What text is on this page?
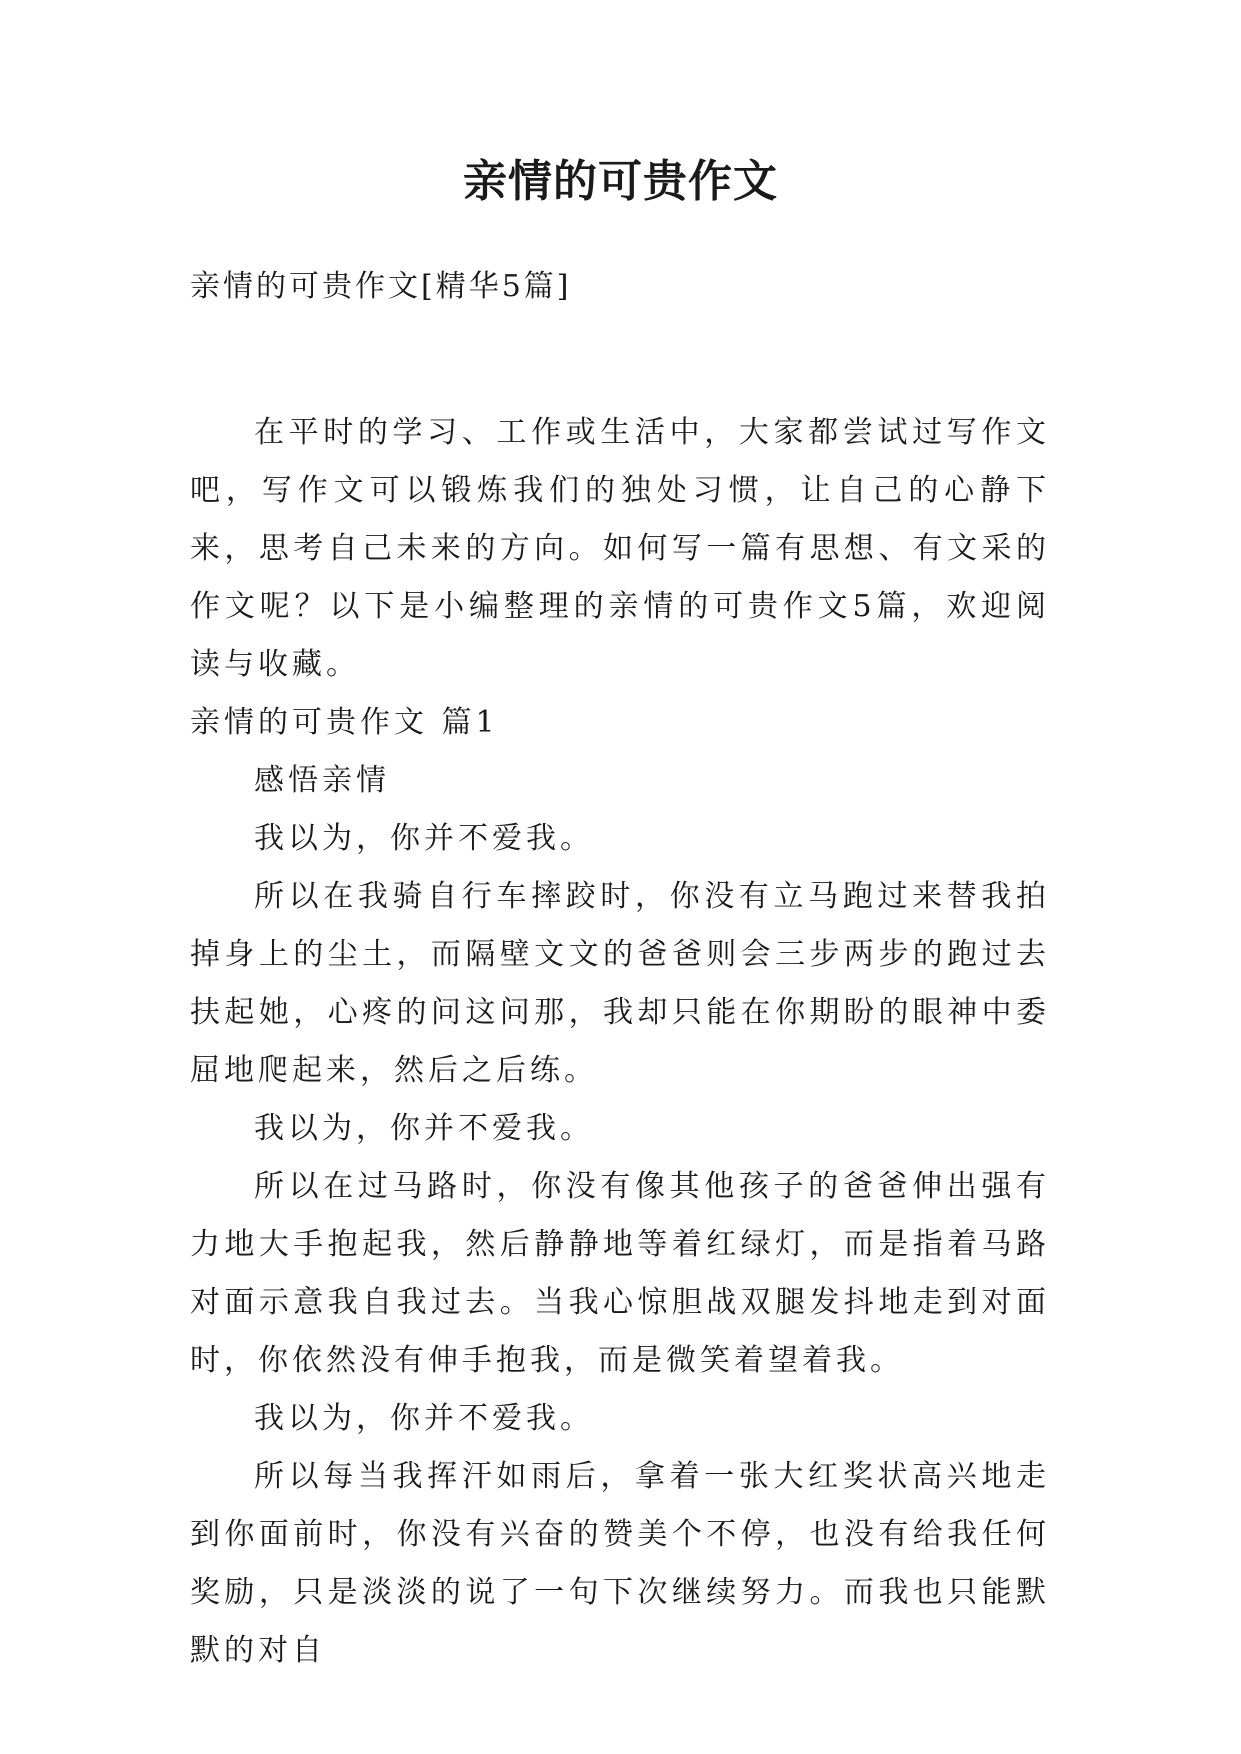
亲情的可贵作文

亲情的可贵作文[精华5篇]

在平时的学习、工作或生活中，大家都尝试过写作文吧，写作文可以锻炼我们的独处习惯，让自己的心静下来，思考自己未来的方向。如何写一篇有思想、有文采的作文呢？以下是小编整理的亲情的可贵作文5篇，欢迎阅读与收藏。

亲情的可贵作文 篇1

感悟亲情

我以为，你并不爱我。

所以在我骑自行车摔跤时，你没有立马跑过来替我拍掉身上的尘土，而隔壁文文的爸爸则会三步两步的跑过去扶起她，心疼的问这问那，我却只能在你期盼的眼神中委屈地爬起来，然后之后练。

我以为，你并不爱我。

所以在过马路时，你没有像其他孩子的爸爸伸出强有力地大手抱起我，然后静静地等着红绿灯，而是指着马路对面示意我自我过去。当我心惊胆战双腿发抖地走到对面时，你依然没有伸手抱我，而是微笑着望着我。

我以为，你并不爱我。

所以每当我挥汗如雨后，拿着一张大红奖状高兴地走到你面前时，你没有兴奋的赞美个不停，也没有给我任何奖励，只是淡淡的说了一句下次继续努力。而我也只能默默的对自
